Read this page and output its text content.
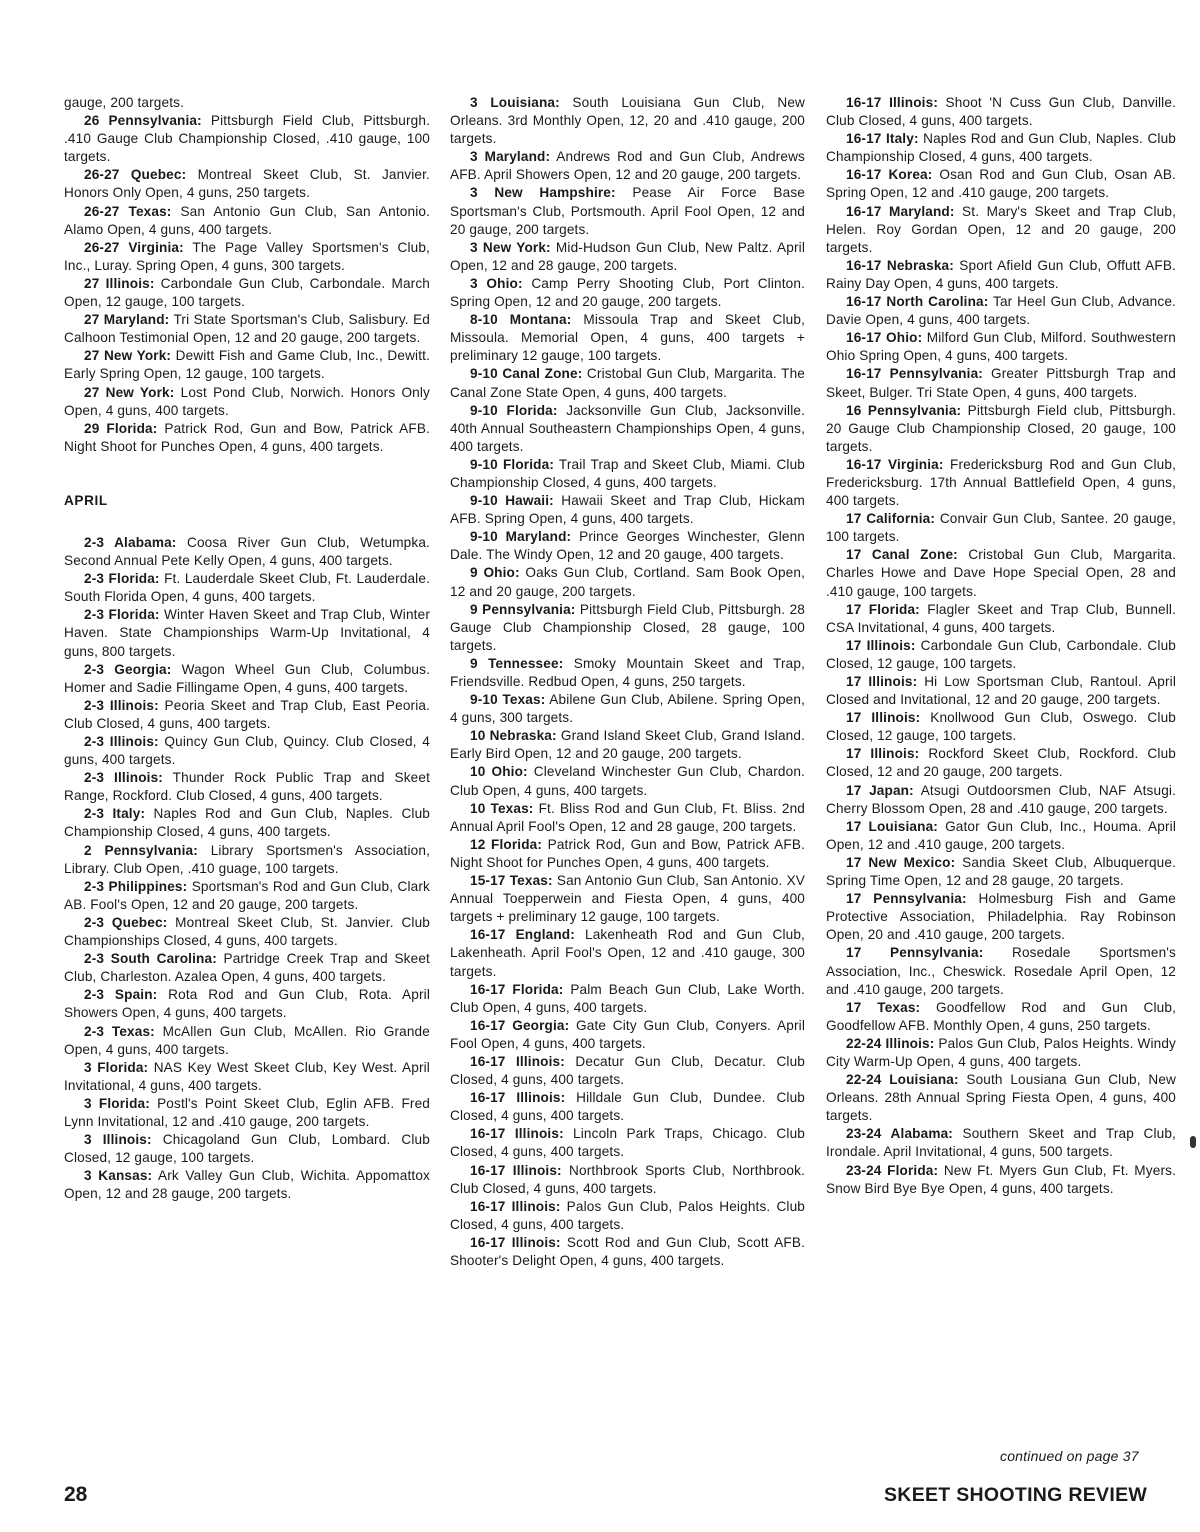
gauge, 200 targets.

26 Pennsylvania: Pittsburgh Field Club, Pittsburgh. .410 Gauge Club Championship Closed, .410 gauge, 100 targets.

26-27 Quebec: Montreal Skeet Club, St. Janvier. Honors Only Open, 4 guns, 250 targets.

26-27 Texas: San Antonio Gun Club, San Antonio. Alamo Open, 4 guns, 400 targets.

26-27 Virginia: The Page Valley Sportsmen's Club, Inc., Luray. Spring Open, 4 guns, 300 targets.

27 Illinois: Carbondale Gun Club, Carbondale. March Open, 12 gauge, 100 targets.

27 Maryland: Tri State Sportsman's Club, Salisbury. Ed Calhoon Testimonial Open, 12 and 20 gauge, 200 targets.

27 New York: Dewitt Fish and Game Club, Inc., Dewitt. Early Spring Open, 12 gauge, 100 targets.

27 New York: Lost Pond Club, Norwich. Honors Only Open, 4 guns, 400 targets.

29 Florida: Patrick Rod, Gun and Bow, Patrick AFB. Night Shoot for Punches Open, 4 guns, 400 targets.

APRIL

2-3 Alabama: Coosa River Gun Club, Wetumpka. Second Annual Pete Kelly Open, 4 guns, 400 targets.

2-3 Florida: Ft. Lauderdale Skeet Club, Ft. Lauderdale. South Florida Open, 4 guns, 400 targets.

2-3 Florida: Winter Haven Skeet and Trap Club, Winter Haven. State Championships Warm-Up Invitational, 4 guns, 800 targets.

2-3 Georgia: Wagon Wheel Gun Club, Columbus. Homer and Sadie Fillingame Open, 4 guns, 400 targets.

2-3 Illinois: Peoria Skeet and Trap Club, East Peoria. Club Closed, 4 guns, 400 targets.

2-3 Illinois: Quincy Gun Club, Quincy. Club Closed, 4 guns, 400 targets.

2-3 Illinois: Thunder Rock Public Trap and Skeet Range, Rockford. Club Closed, 4 guns, 400 targets.

2-3 Italy: Naples Rod and Gun Club, Naples. Club Championship Closed, 4 guns, 400 targets.

2 Pennsylvania: Library Sportsmen's Association, Library. Club Open, .410 guage, 100 targets.

2-3 Philippines: Sportsman's Rod and Gun Club, Clark AB. Fool's Open, 12 and 20 gauge, 200 targets.

2-3 Quebec: Montreal Skeet Club, St. Janvier. Club Championships Closed, 4 guns, 400 targets.

2-3 South Carolina: Partridge Creek Trap and Skeet Club, Charleston. Azalea Open, 4 guns, 400 targets.

2-3 Spain: Rota Rod and Gun Club, Rota. April Showers Open, 4 guns, 400 targets.

2-3 Texas: McAllen Gun Club, McAllen. Rio Grande Open, 4 guns, 400 targets.

3 Florida: NAS Key West Skeet Club, Key West. April Invitational, 4 guns, 400 targets.

3 Florida: Postl's Point Skeet Club, Eglin AFB. Fred Lynn Invitational, 12 and .410 gauge, 200 targets.

3 Illinois: Chicagoland Gun Club, Lombard. Club Closed, 12 gauge, 100 targets.

3 Kansas: Ark Valley Gun Club, Wichita. Appomattox Open, 12 and 28 gauge, 200 targets.

3 Louisiana: South Louisiana Gun Club, New Orleans. 3rd Monthly Open, 12, 20 and .410 gauge, 200 targets.

3 Maryland: Andrews Rod and Gun Club, Andrews AFB. April Showers Open, 12 and 20 gauge, 200 targets.

3 New Hampshire: Pease Air Force Base Sportsman's Club, Portsmouth. April Fool Open, 12 and 20 gauge, 200 targets.

3 New York: Mid-Hudson Gun Club, New Paltz. April Open, 12 and 28 gauge, 200 targets.

3 Ohio: Camp Perry Shooting Club, Port Clinton. Spring Open, 12 and 20 gauge, 200 targets.

8-10 Montana: Missoula Trap and Skeet Club, Missoula. Memorial Open, 4 guns, 400 targets + preliminary 12 gauge, 100 targets.

9-10 Canal Zone: Cristobal Gun Club, Margarita. The Canal Zone State Open, 4 guns, 400 targets.

9-10 Florida: Jacksonville Gun Club, Jacksonville. 40th Annual Southeastern Championships Open, 4 guns, 400 targets.

9-10 Florida: Trail Trap and Skeet Club, Miami. Club Championship Closed, 4 guns, 400 targets.

9-10 Hawaii: Hawaii Skeet and Trap Club, Hickam AFB. Spring Open, 4 guns, 400 targets.

9-10 Maryland: Prince Georges Winchester, Glenn Dale. The Windy Open, 12 and 20 gauge, 400 targets.

9 Ohio: Oaks Gun Club, Cortland. Sam Book Open, 12 and 20 gauge, 200 targets.

9 Pennsylvania: Pittsburgh Field Club, Pittsburgh. 28 Gauge Club Championship Closed, 28 gauge, 100 targets.

9 Tennessee: Smoky Mountain Skeet and Trap, Friendsville. Redbud Open, 4 guns, 250 targets.

9-10 Texas: Abilene Gun Club, Abilene. Spring Open, 4 guns, 300 targets.

10 Nebraska: Grand Island Skeet Club, Grand Island. Early Bird Open, 12 and 20 gauge, 200 targets.

10 Ohio: Cleveland Winchester Gun Club, Chardon. Club Open, 4 guns, 400 targets.

10 Texas: Ft. Bliss Rod and Gun Club, Ft. Bliss. 2nd Annual April Fool's Open, 12 and 28 gauge, 200 targets.

12 Florida: Patrick Rod, Gun and Bow, Patrick AFB. Night Shoot for Punches Open, 4 guns, 400 targets.

15-17 Texas: San Antonio Gun Club, San Antonio. XV Annual Toepperwein and Fiesta Open, 4 guns, 400 targets + preliminary 12 gauge, 100 targets.

16-17 England: Lakenheath Rod and Gun Club, Lakenheath. April Fool's Open, 12 and .410 gauge, 300 targets.

16-17 Florida: Palm Beach Gun Club, Lake Worth. Club Open, 4 guns, 400 targets.

16-17 Georgia: Gate City Gun Club, Conyers. April Fool Open, 4 guns, 400 targets.

16-17 Illinois: Decatur Gun Club, Decatur. Club Closed, 4 guns, 400 targets.

16-17 Illinois: Hilldale Gun Club, Dundee. Club Closed, 4 guns, 400 targets.

16-17 Illinois: Lincoln Park Traps, Chicago. Club Closed, 4 guns, 400 targets.

16-17 Illinois: Northbrook Sports Club, Northbrook. Club Closed, 4 guns, 400 targets.

16-17 Illinois: Palos Gun Club, Palos Heights. Club Closed, 4 guns, 400 targets.

16-17 Illinois: Scott Rod and Gun Club, Scott AFB. Shooter's Delight Open, 4 guns, 400 targets.

16-17 Illinois: Shoot 'N Cuss Gun Club, Danville. Club Closed, 4 guns, 400 targets.

16-17 Italy: Naples Rod and Gun Club, Naples. Club Championship Closed, 4 guns, 400 targets.

16-17 Korea: Osan Rod and Gun Club, Osan AB. Spring Open, 12 and .410 gauge, 200 targets.

16-17 Maryland: St. Mary's Skeet and Trap Club, Helen. Roy Gordan Open, 12 and 20 gauge, 200 targets.

16-17 Nebraska: Sport Afield Gun Club, Offutt AFB. Rainy Day Open, 4 guns, 400 targets.

16-17 North Carolina: Tar Heel Gun Club, Advance. Davie Open, 4 guns, 400 targets.

16-17 Ohio: Milford Gun Club, Milford. Southwestern Ohio Spring Open, 4 guns, 400 targets.

16-17 Pennsylvania: Greater Pittsburgh Trap and Skeet, Bulger. Tri State Open, 4 guns, 400 targets.

16 Pennsylvania: Pittsburgh Field club, Pittsburgh. 20 Gauge Club Championship Closed, 20 gauge, 100 targets.

16-17 Virginia: Fredericksburg Rod and Gun Club, Fredericksburg. 17th Annual Battlefield Open, 4 guns, 400 targets.

17 California: Convair Gun Club, Santee. 20 gauge, 100 targets.

17 Canal Zone: Cristobal Gun Club, Margarita. Charles Howe and Dave Hope Special Open, 28 and .410 gauge, 100 targets.

17 Florida: Flagler Skeet and Trap Club, Bunnell. CSA Invitational, 4 guns, 400 targets.

17 Illinois: Carbondale Gun Club, Carbondale. Club Closed, 12 gauge, 100 targets.

17 Illinois: Hi Low Sportsman Club, Rantoul. April Closed and Invitational, 12 and 20 gauge, 200 targets.

17 Illinois: Knollwood Gun Club, Oswego. Club Closed, 12 gauge, 100 targets.

17 Illinois: Rockford Skeet Club, Rockford. Club Closed, 12 and 20 gauge, 200 targets.

17 Japan: Atsugi Outdoorsmen Club, NAF Atsugi. Cherry Blossom Open, 28 and .410 gauge, 200 targets.

17 Louisiana: Gator Gun Club, Inc., Houma. April Open, 12 and .410 gauge, 200 targets.

17 New Mexico: Sandia Skeet Club, Albuquerque. Spring Time Open, 12 and 28 gauge, 20 targets.

17 Pennsylvania: Holmesburg Fish and Game Protective Association, Philadelphia. Ray Robinson Open, 20 and .410 gauge, 200 targets.

17 Pennsylvania: Rosedale Sportsmen's Association, Inc., Cheswick. Rosedale April Open, 12 and .410 gauge, 200 targets.

17 Texas: Goodfellow Rod and Gun Club, Goodfellow AFB. Monthly Open, 4 guns, 250 targets.

22-24 Illinois: Palos Gun Club, Palos Heights. Windy City Warm-Up Open, 4 guns, 400 targets.

22-24 Louisiana: South Lousiana Gun Club, New Orleans. 28th Annual Spring Fiesta Open, 4 guns, 400 targets.

23-24 Alabama: Southern Skeet and Trap Club, Irondale. April Invitational, 4 guns, 500 targets.

23-24 Florida: New Ft. Myers Gun Club, Ft. Myers. Snow Bird Bye Bye Open, 4 guns, 400 targets.

continued on page 37
28	SKEET SHOOTING REVIEW
